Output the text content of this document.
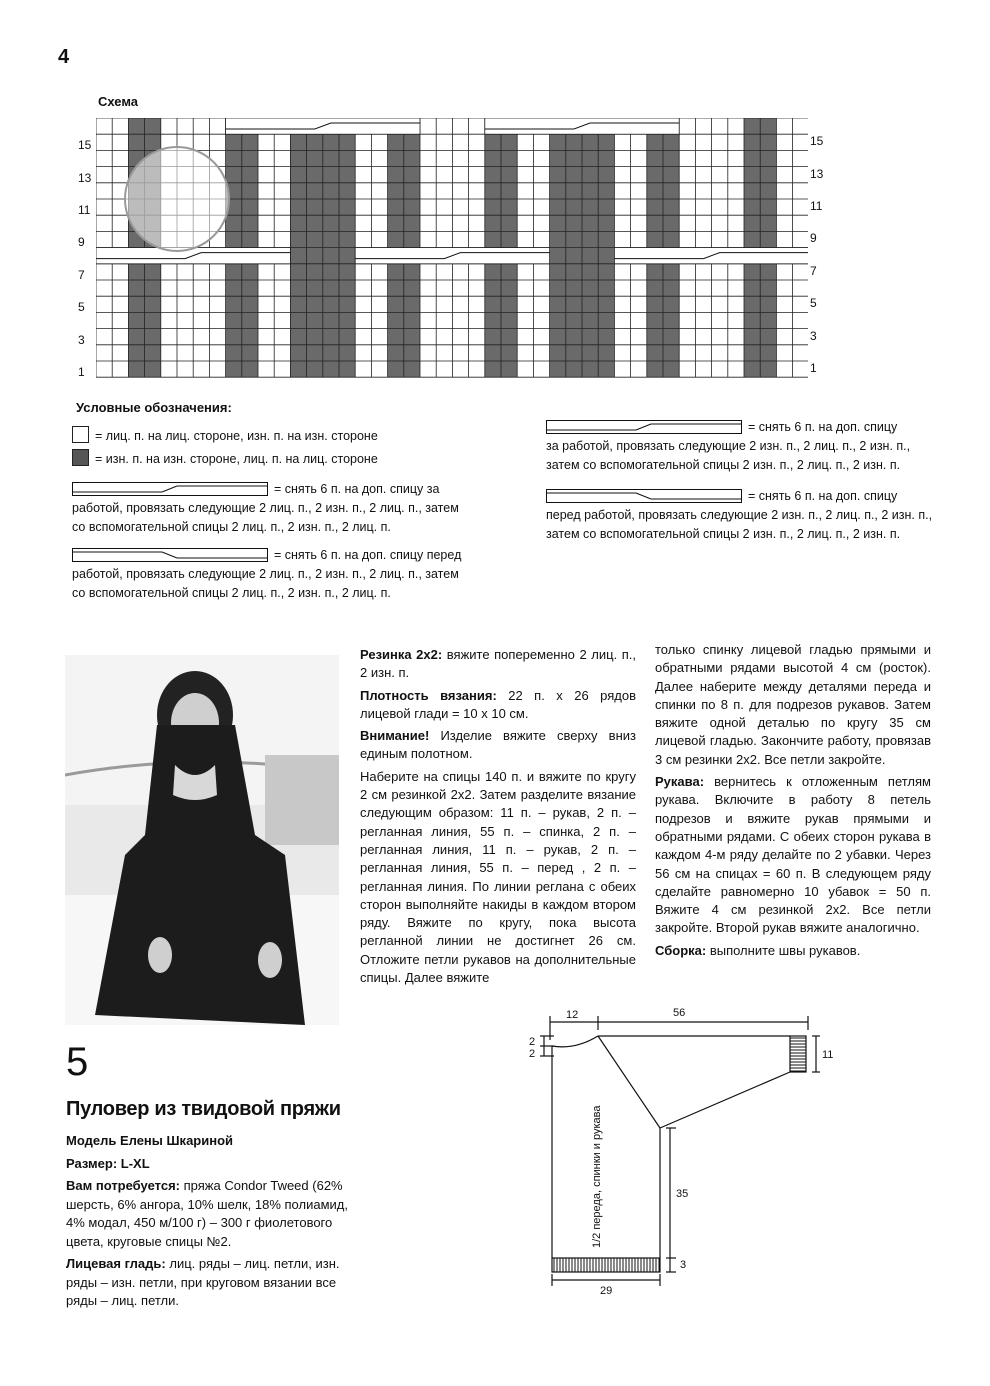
4
Схема
15	15
13	13
11	11
9	9
7	7
5	5
3	3
1	1
Условные обозначения:
= лиц. п. на лиц. стороне, изн. п. на изн. стороне
= изн. п. на изн. стороне, лиц. п. на лиц. стороне
= снять 6 п. на доп. спицу за
работой, провязать следующие 2 лиц. п., 2 изн. п., 2 лиц. п., затем
со вспомогательной спицы 2 лиц. п., 2 изн. п., 2 лиц. п.
= снять 6 п. на доп. спицу перед
работой, провязать следующие 2 лиц. п., 2 изн. п., 2 лиц. п., затем
со вспомогательной спицы 2 лиц. п., 2 изн. п., 2 лиц. п.
= снять 6 п. на доп. спицу
за работой, провязать следующие 2 изн. п., 2 лиц. п., 2 изн. п.,
затем со вспомогательной спицы 2 изн. п., 2 лиц. п., 2 изн. п.
= снять 6 п. на доп. спицу
перед работой, провязать следующие 2 изн. п., 2 лиц. п., 2 изн. п.,
затем со вспомогательной спицы 2 изн. п., 2 лиц. п., 2 изн. п.

Резинка 2х2: вяжите попеременно 2 лиц. п., 2 изн. п.

Плотность вязания: 22 п. х 26 рядов лицевой глади = 10 х 10 см.

Внимание! Изделие вяжите сверху вниз единым полотном.

Наберите на спицы 140 п. и вяжите по кругу 2 см резинкой 2х2. Затем разделите вязание следующим образом: 11 п. – рукав, 2 п. – регланная линия, 55 п. – спинка, 2 п. – регланная линия, 11 п. – рукав, 2 п. – регланная линия, 55 п. – перед , 2 п. – регланная линия. По линии реглана с обеих сторон выполняйте накиды в каждом втором ряду. Вяжите по кругу, пока высота регланной линии не достигнет 26 см. Отложите петли рукавов на дополнительные спицы. Далее вяжите

только спинку лицевой гладью прямыми и обратными рядами высотой 4 см (росток). Далее наберите между деталями переда и спинки по 8 п. для подрезов рукавов. Затем вяжите одной деталью по кругу 35 см лицевой гладью. Закончите работу, провязав 3 см резинки 2х2. Все петли закройте.

Рукава: вернитесь к отложенным петлям рукава. Включите в работу 8 петель подрезов и вяжите рукав прямыми и обратными рядами. С обеих сторон рукава в каждом 4-м ряду делайте по 2 убавки. Через 56 см на спицах = 60 п. В следующем ряду сделайте равномерно 10 убавок = 50 п. Вяжите 4 см резинкой 2х2. Все петли закройте. Второй рукав вяжите аналогично.

Сборка: выполните швы рукавов.

5
Пуловер из твидовой пряжи

Модель Елены Шкариной

Размер: L-XL

Вам потребуется: пряжа Condor Tweed (62% шерсть, 6% ангора, 10% шелк, 18% полиамид, 4% модал, 450 м/100 г) – 300 г фиолетового цвета, круговые спицы №2.

Лицевая гладь: лиц. ряды – лиц. петли, изн. ряды – изн. петли, при круговом вязании все ряды – лиц. петли.

12	56
2
2	11
35
3
29
1/2 переда, спинки и рукава
